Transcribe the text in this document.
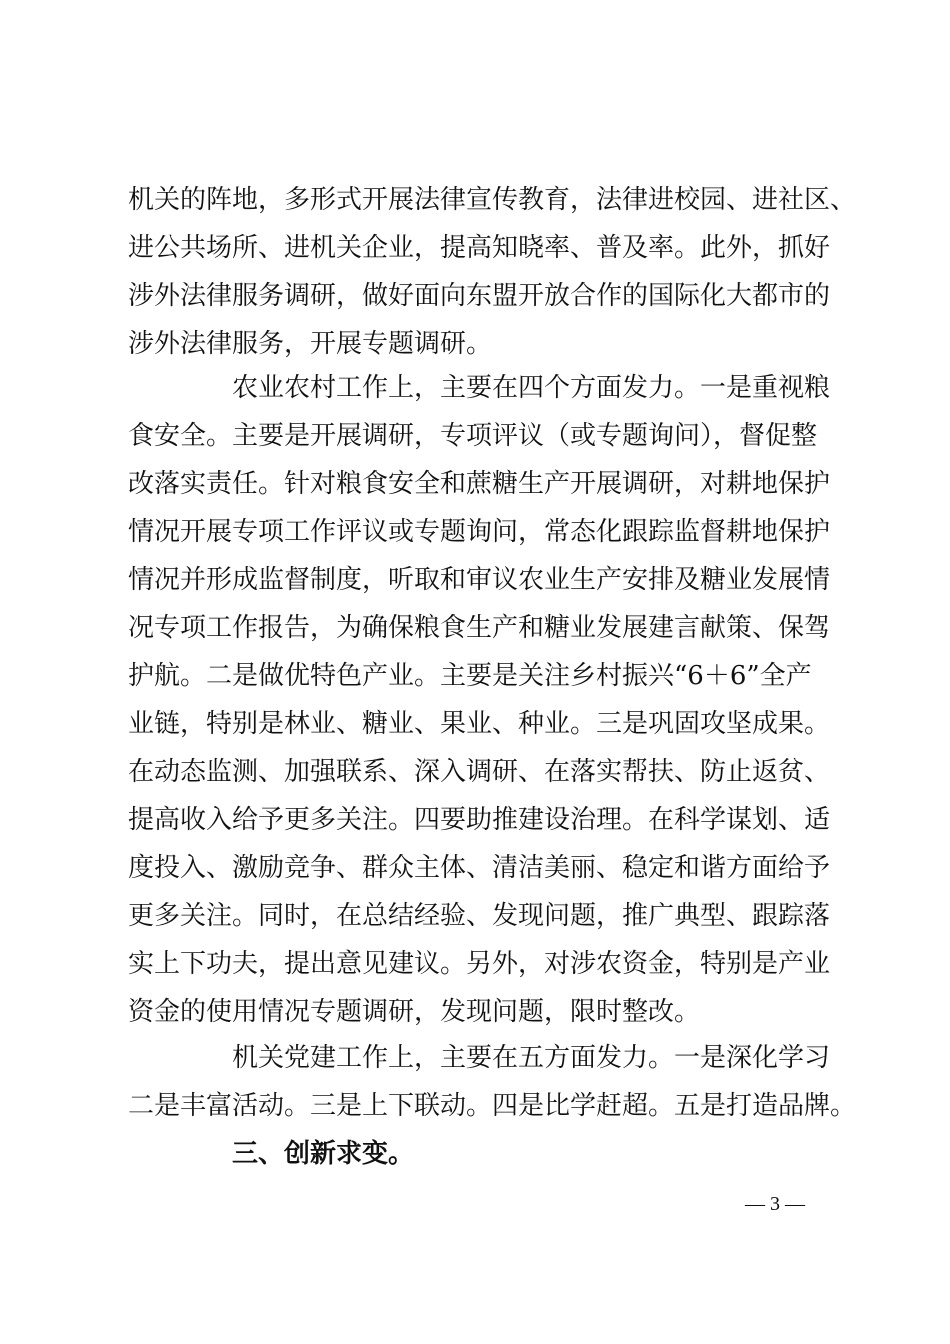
机关的阵地，多形式开展法律宣传教育，法律进校园、进社区、
进公共场所、进机关企业，提高知晓率、普及率。此外，抓好
涉外法律服务调研，做好面向东盟开放合作的国际化大都市的
涉外法律服务，开展专题调研。
农业农村工作上，主要在四个方面发力。一是重视粮
食安全。主要是开展调研，专项评议（或专题询问），督促整
改落实责任。针对粮食安全和蔗糖生产开展调研，对耕地保护
情况开展专项工作评议或专题询问，常态化跟踪监督耕地保护
情况并形成监督制度，听取和审议农业生产安排及糖业发展情
况专项工作报告，为确保粮食生产和糖业发展建言献策、保驾
护航。二是做优特色产业。主要是关注乡村振兴“6＋6”全产
业链，特别是林业、糖业、果业、种业。三是巩固攻坚成果。
在动态监测、加强联系、深入调研、在落实帮扶、防止返贫、
提高收入给予更多关注。四要助推建设治理。在科学谋划、适
度投入、激励竞争、群众主体、清洁美丽、稳定和谐方面给予
更多关注。同时，在总结经验、发现问题，推广典型、跟踪落
实上下功夫，提出意见建议。另外，对涉农资金，特别是产业
资金的使用情况专题调研，发现问题，限时整改。
机关党建工作上，主要在五方面发力。一是深化学习
二是丰富活动。三是上下联动。四是比学赶超。五是打造品牌。
三、创新求变。
— 3 —
